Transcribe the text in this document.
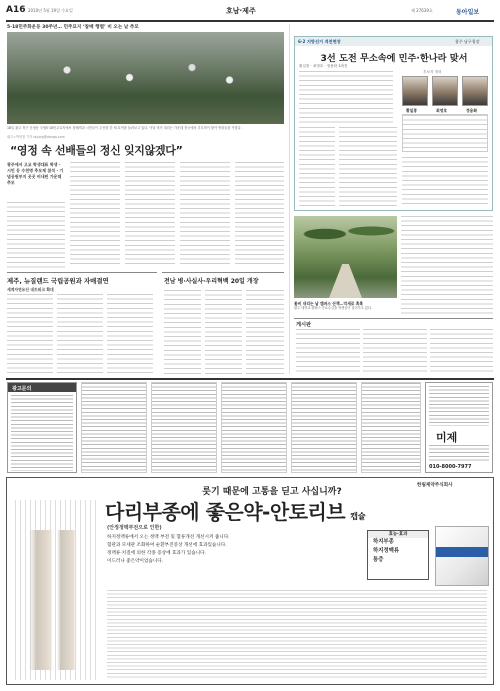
A16 2010년 5월 19일 수요일	호남·제주	제 27639호	동아일보
5·18민주화운동 30주년… 민주묘지 ‘참배 행렬’ 비 오는 날 추모
18일 광주 북구 운정동 국립5·18민주묘지에서 참배객과 시민들이 우산을 쓴 채 묘역을 둘러보고 있다. 이날 비가 내리는 가운데 전국에서 추모객이 찾아 영령들을 기렸다.
광주=박영철 기자 skjung@donga.com
“영정 속 선배들의 정신 잊지않겠다”
광주에서 고교 학생대표 학생 · 시민 등 수천명 추모제 참석 · 기념공원부지 곳곳 비내린 가운데 추모
제주, 뉴질랜드 국립공원과 자매결연
세계자연유산 네트워크 확대
전남 병·사실사·우리혁백 20일 개장
6·2 지방선거 격전현장	광주 남구청장
3선 도전 무소속에 민주·한나라 맞서
황일봉 · 최영호 · 정용화 3파전
후보자 경력
황일봉	최영호	정용화
꽃비 내리는 날 캠퍼스 산책…억새로 흑흑
광주 대학교 캠퍼스 가로수길을 학생들이 걸어가고 있다.
게시판
광고문의
미제
010-8000-7977
한림제약주식회사
릇기 때문에 고통을 딛고 사십니까?
다리부종에 좋은약-안토리브 캡슐
(안정정맥부전으로 인한)
하지정맥류에서 오는 정맥 부전 및 혈류개선 개선시켜 줍니다.
혈관과 모세관 조화하여 순환부진증상 개선에 효과있습니다.
정맥류·치질에 의한 각종 증상에 효과가 있습니다.
이드러나 좋은약이었습니다.
효능·효과
하지부종
하지정맥류
통증
